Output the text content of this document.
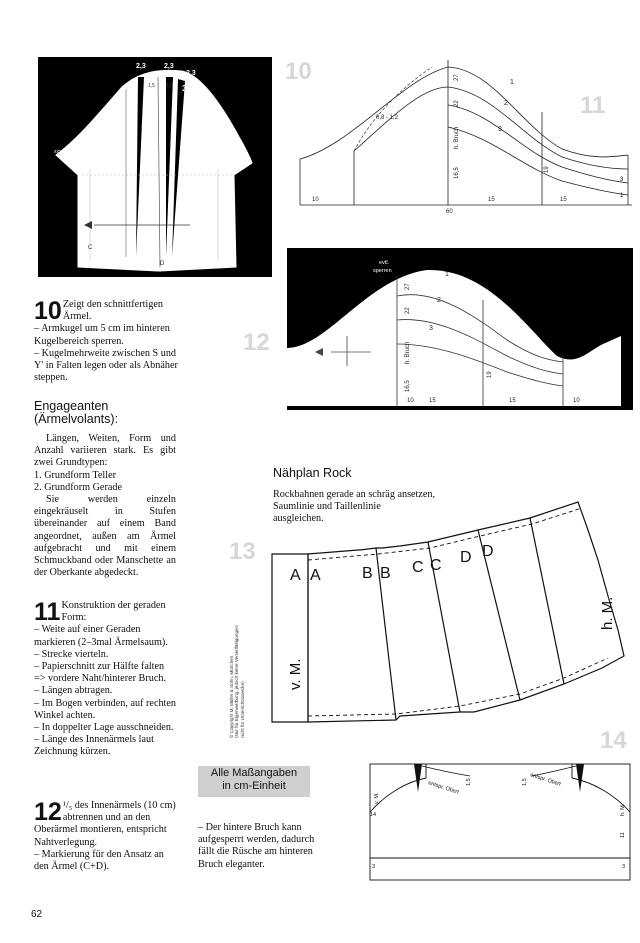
2,3	2,3
2,3
1,5 1,5
2
3
C
D
xxx
xxx
10
11
12
13
14
0,8 - 1,2
1
2
3
27
22
16,5
h. Bruch
19
10
60
15	15
3
1
evtl.
sperren	1
2
3
27
22
16,5
h. Bruch
19
10	15	15	10
10 Zeigt den schnittfertigen Ärmel.

– Armkugel um 5 cm im hinteren Kugelbereich sperren.

– Kugelmehrweite zwischen S und Y' in Falten legen oder als Abnäher steppen.

Engageanten
(Ärmelvolants):

Längen, Weiten, Form und Anzahl variieren stark. Es gibt zwei Grundtypen:

1. Grundform Teller

2. Grundform Gerade

Sie werden einzeln eingekräuselt in Stufen übereinander auf einem Band angeordnet, außen am Ärmel aufgebracht und mit einem Schmuckband oder Manschette an der Oberkante abgedeckt.

11 Konstruktion der geraden Form:

– Weite auf einer Geraden markieren (2–3mal Ärmelsaum).

– Strecke vierteln.

– Papierschnitt zur Hälfte falten => vordere Naht/hinterer Bruch.

– Längen abtragen.

– Im Bogen verbinden, auf rechten Winkel achten.

– In doppelter Lage ausschneiden.

– Länge des Innenärmels laut Zeichnung kürzen.

12 ¹/₅ des Innenärmels (10 cm) abtrennen und an den Oberärmel montieren, entspricht Nahtverlegung.

– Markierung für den Ansatz an den Ärmel (C+D).

Nähplan Rock

Rockbahnen gerade an schräg ansetzen,

Saumlinie und Taillenlinie

ausgleichen.

A A	B B C C D D
v. M.
h. M.
© Copyright M. Müller & Sohn, München (Nur für Eigenwerbung, jedoch keine Vervielfältigungen; nicht für Unterrichtszwecke)
Alle Maßangaben
in cm-Einheit
– Der hintere Bruch kann aufgesperrt werden, dadurch fällt die Rüsche am hinteren Bruch eleganter.
v. M.
14
3
entspr. Obert 1,5	1,5 entspr. Obert
h. M.
11
3
62
